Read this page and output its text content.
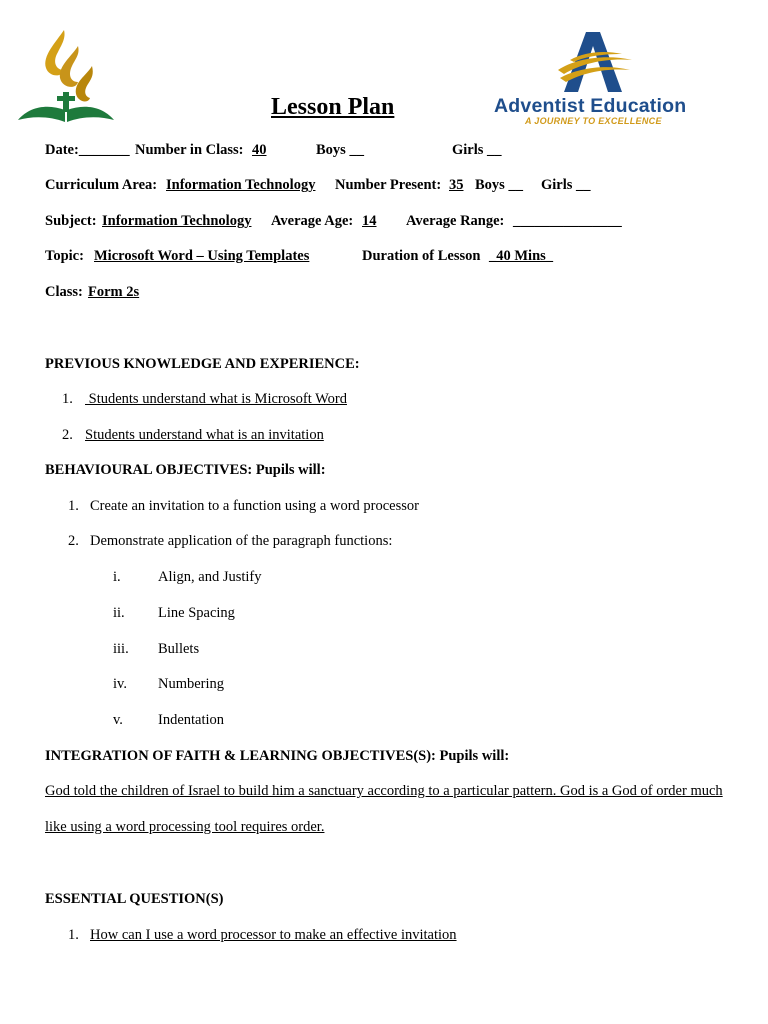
Lesson Plan	Adventist Education
A JOURNEY TO EXCELLENCE
Date:_______ Number in Class: 40	Boys __	Girls __
Curriculum Area: Information Technology Number Present: 35 Boys __ Girls __
Subject: Information Technology Average Age: 14 Average Range: _______________
Topic: Microsoft Word – Using Templates	Duration of Lesson _40 Mins_
Class: Form 2s
PREVIOUS KNOWLEDGE AND EXPERIENCE:
1. Students understand what is Microsoft Word
2. Students understand what is an invitation
BEHAVIOURAL OBJECTIVES: Pupils will:
1. Create an invitation to a function using a word processor
2. Demonstrate application of the paragraph functions:
i.	Align, and Justify
ii. Line Spacing
iii. Bullets
iv. Numbering
v. Indentation
INTEGRATION OF FAITH & LEARNING OBJECTIVES(S): Pupils will:
God told the children of Israel to build him a sanctuary according to a particular pattern. God is a God of order much like using a word processing tool requires order.
ESSENTIAL QUESTION(S)
1. How can I use a word processor to make an effective invitation
